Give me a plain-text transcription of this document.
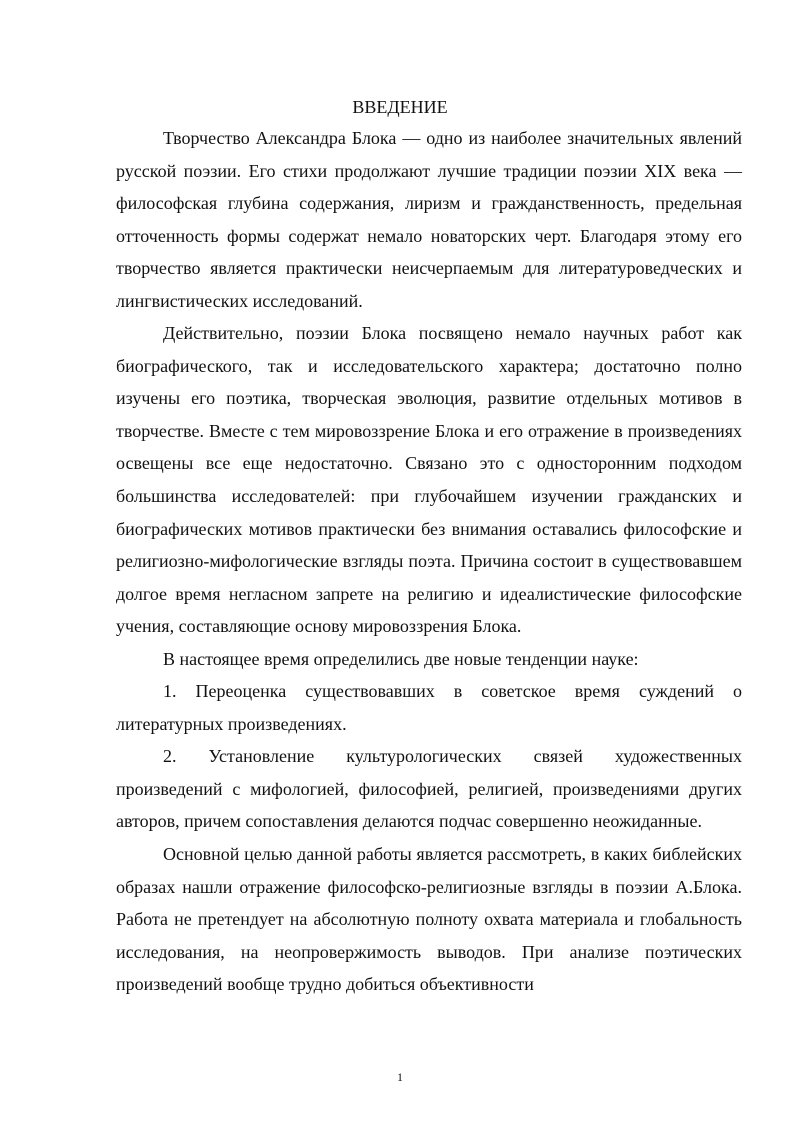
ВВЕДЕНИЕ

Творчество Александра Блока — одно из наиболее значительных явлений русской поэзии. Его стихи продолжают лучшие традиции поэзии XIX века — философская глубина содержания, лиризм и гражданственность, предельная отточенность формы содержат немало новаторских черт. Благодаря этому его творчество является практически неисчерпаемым для литературоведческих и лингвистических исследований.

Действительно, поэзии Блока посвящено немало научных работ как биографического, так и исследовательского характера; достаточно полно изучены его поэтика, творческая эволюция, развитие отдельных мотивов в творчестве. Вместе с тем мировоззрение Блока и его отражение в произведениях освещены все еще недостаточно. Связано это с односторонним подходом большинства исследователей: при глубочайшем изучении гражданских и биографических мотивов практически без внимания оставались философские и религиозно-мифологические взгляды поэта. Причина состоит в существовавшем долгое время негласном запрете на религию и идеалистические философские учения, составляющие основу мировоззрения Блока.

В настоящее время определились две новые тенденции науке:

1. Переоценка существовавших в советское время суждений о литературных произведениях.

2. Установление культурологических связей художественных произведений с мифологией, философией, религией, произведениями других авторов, причем сопоставления делаются подчас совершенно неожиданные.

Основной целью данной работы является рассмотреть, в каких библейских образах нашли отражение философско-религиозные взгляды в поэзии А.Блока. Работа не претендует на абсолютную полноту охвата материала и глобальность исследования, на неопровержимость выводов. При анализе поэтических произведений вообще трудно добиться объективности

1
